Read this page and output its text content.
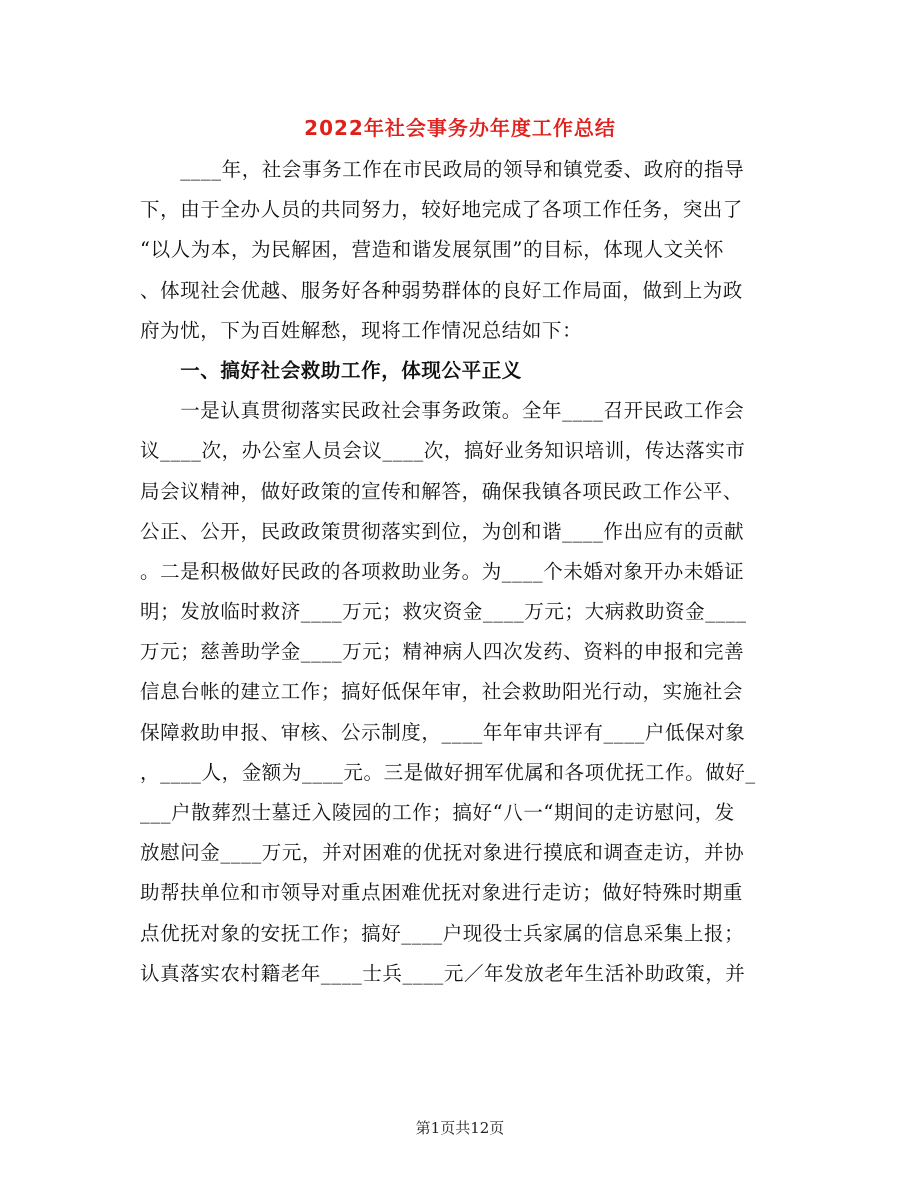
2022年社会事务办年度工作总结
　　____年，社会事务工作在市民政局的领导和镇党委、政府的指导
下，由于全办人员的共同努力，较好地完成了各项工作任务，突出了
“以人为本，为民解困，营造和谐发展氛围”的目标，体现人文关怀
、体现社会优越、服务好各种弱势群体的良好工作局面，做到上为政
府为忧，下为百姓解愁，现将工作情况总结如下：
　　一、搞好社会救助工作，体现公平正义
　　一是认真贯彻落实民政社会事务政策。全年____召开民政工作会
议____次，办公室人员会议____次，搞好业务知识培训，传达落实市
局会议精神，做好政策的宣传和解答，确保我镇各项民政工作公平、
公正、公开，民政政策贯彻落实到位，为创和谐____作出应有的贡献
。二是积极做好民政的各项救助业务。为____个未婚对象开办未婚证
明；发放临时救济____万元；救灾资金____万元；大病救助资金____
万元；慈善助学金____万元；精神病人四次发药、资料的申报和完善
信息台帐的建立工作；搞好低保年审，社会救助阳光行动，实施社会
保障救助申报、审核、公示制度，____年年审共评有____户低保对象
，____人，金额为____元。三是做好拥军优属和各项优抚工作。做好_
___户散葬烈士墓迁入陵园的工作；搞好“八一“期间的走访慰问，发
放慰问金____万元，并对困难的优抚对象进行摸底和调查走访，并协
助帮扶单位和市领导对重点困难优抚对象进行走访；做好特殊时期重
点优抚对象的安抚工作；搞好____户现役士兵家属的信息采集上报；
认真落实农村籍老年____士兵____元／年发放老年生活补助政策，并
第1页共12页
